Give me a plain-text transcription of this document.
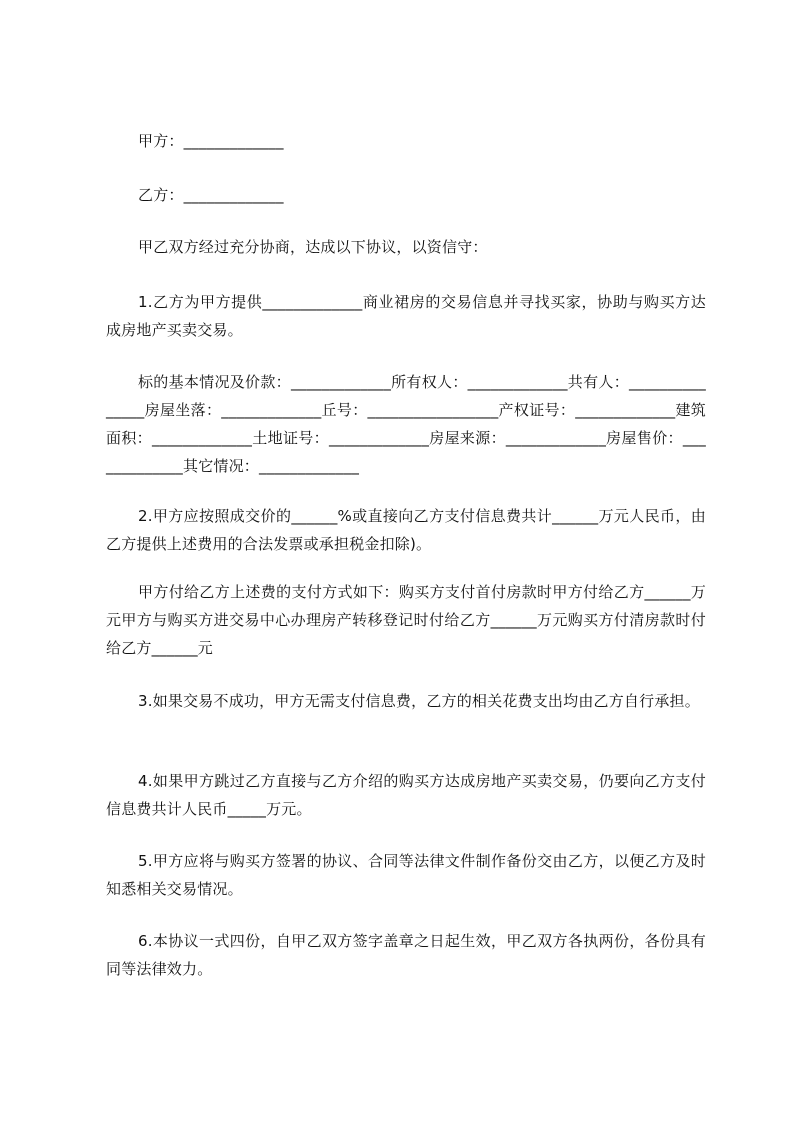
甲方：_____________
乙方：_____________
甲乙双方经过充分协商，达成以下协议，以资信守：
1.乙方为甲方提供_____________商业裙房的交易信息并寻找买家，协助与购买方达成房地产买卖交易。
标的基本情况及价款：_____________所有权人：_____________共有人：_______________房屋坐落：_____________丘号：_________________产权证号：_____________建筑面积：_____________土地证号：_____________房屋来源：_____________房屋售价：_____________其它情况：_____________
2.甲方应按照成交价的______%或直接向乙方支付信息费共计______万元人民币，由乙方提供上述费用的合法发票或承担税金扣除)。
甲方付给乙方上述费的支付方式如下：购买方支付首付房款时甲方付给乙方______万元甲方与购买方进交易中心办理房产转移登记时付给乙方______万元购买方付清房款时付给乙方______元
3.如果交易不成功，甲方无需支付信息费，乙方的相关花费支出均由乙方自行承担。
4.如果甲方跳过乙方直接与乙方介绍的购买方达成房地产买卖交易，仍要向乙方支付信息费共计人民币_____万元。
5.甲方应将与购买方签署的协议、合同等法律文件制作备份交由乙方，以便乙方及时知悉相关交易情况。
6.本协议一式四份，自甲乙双方签字盖章之日起生效，甲乙双方各执两份，各份具有同等法律效力。
